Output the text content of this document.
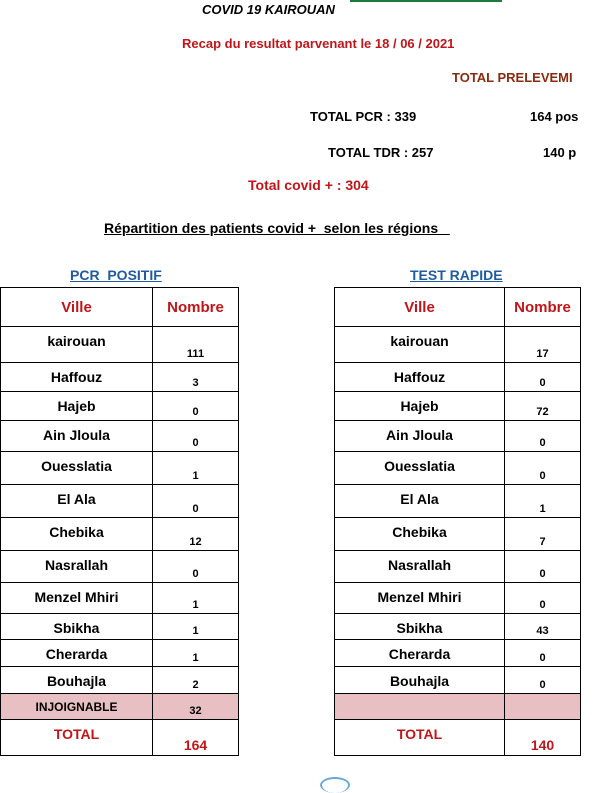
COVID 19 KAIROUAN
Recap du resultat parvenant le 18 / 06 / 2021
TOTAL PRELEVEMI
TOTAL PCR : 339	164 pos
TOTAL TDR : 257	140 p
Total covid + : 304
Répartition des patients covid +  selon les régions
PCR  POSITIF	TEST RAPIDE
Ville	Nombre
kairouan	111
Haffouz	3
Hajeb	0
Ain Jloula	0
Ouesslatia	1
El Ala	0
Chebika	12
Nasrallah	0
Menzel Mhiri	1
Sbikha	1
Cherarda	1
Bouhajla	2
INJOIGNABLE	32
TOTAL	164
Ville	Nombre
kairouan	17
Haffouz	0
Hajeb	72
Ain Jloula	0
Ouesslatia	0
El Ala	1
Chebika	7
Nasrallah	0
Menzel Mhiri	0
Sbikha	43
Cherarda	0
Bouhajla	0

TOTAL	140
